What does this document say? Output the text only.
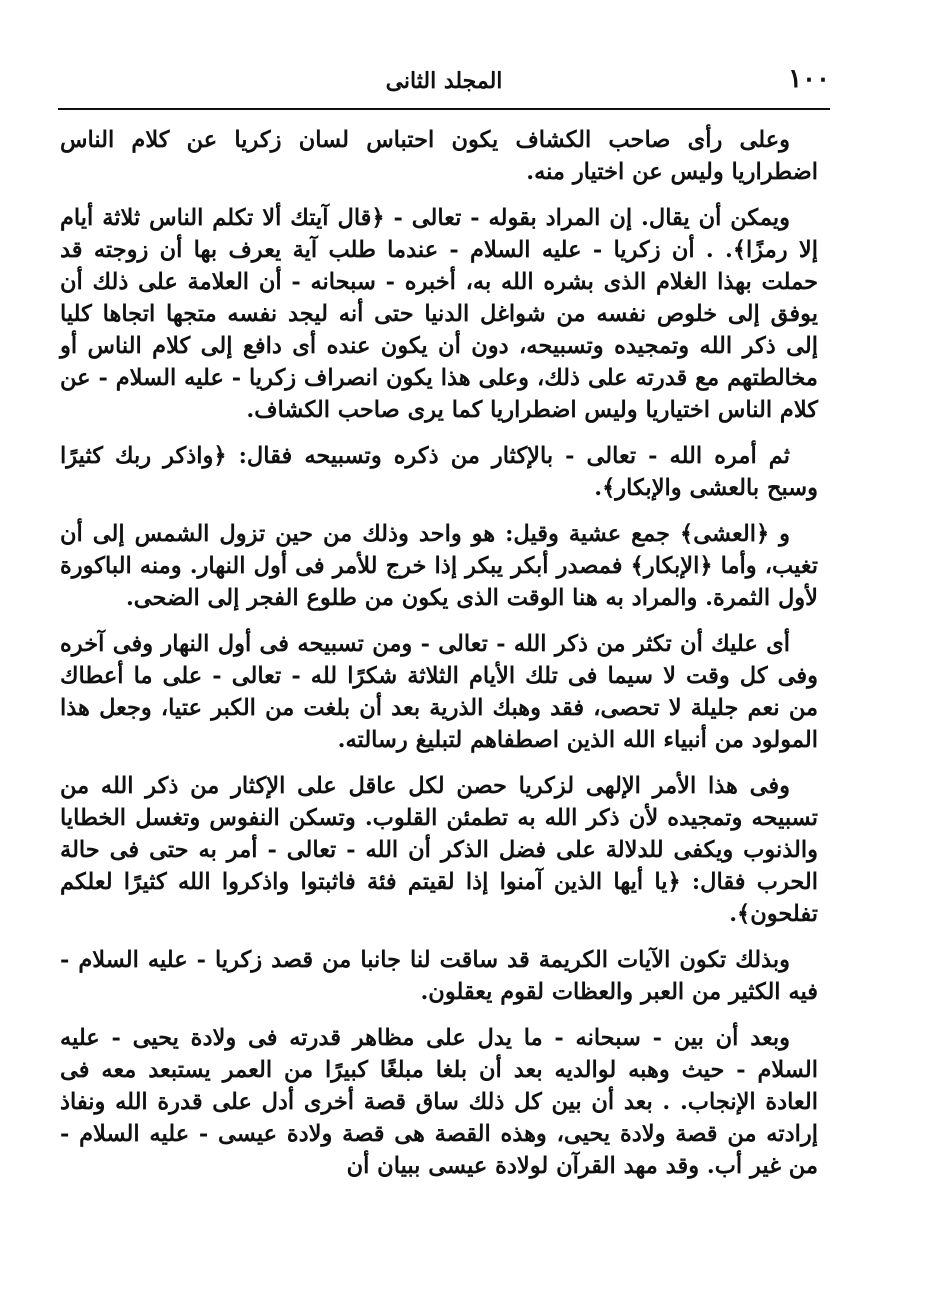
١٠٠
المجلد الثانى

وعلى رأى صاحب الكشاف يكون احتباس لسان زكريا عن كلام الناس اضطراريا وليس عن اختيار منه.

ويمكن أن يقال. إن المراد بقوله - تعالى - ﴿قال آيتك ألا تكلم الناس ثلاثة أيام إلا رمزًا﴾. . أن زكريا - عليه السلام - عندما طلب آية يعرف بها أن زوجته قد حملت بهذا الغلام الذى بشره الله به، أخبره - سبحانه - أن العلامة على ذلك أن يوفق إلى خلوص نفسه من شواغل الدنيا حتى أنه ليجد نفسه متجها اتجاها كليا إلى ذكر الله وتمجيده وتسبيحه، دون أن يكون عنده أى دافع إلى كلام الناس أو مخالطتهم مع قدرته على ذلك، وعلى هذا يكون انصراف زكريا - عليه السلام - عن كلام الناس اختياريا وليس اضطراريا كما يرى صاحب الكشاف.

ثم أمره الله - تعالى - بالإكثار من ذكره وتسبيحه فقال: ﴿واذكر ربك كثيرًا وسبح بالعشى والإبكار﴾.

و ﴿العشى﴾ جمع عشية وقيل: هو واحد وذلك من حين تزول الشمس إلى أن تغيب، وأما ﴿الإبكار﴾ فمصدر أبكر يبكر إذا خرج للأمر فى أول النهار. ومنه الباكورة لأول الثمرة. والمراد به هنا الوقت الذى يكون من طلوع الفجر إلى الضحى.

أى عليك أن تكثر من ذكر الله - تعالى - ومن تسبيحه فى أول النهار وفى آخره وفى كل وقت لا سيما فى تلك الأيام الثلاثة شكرًا لله - تعالى - على ما أعطاك من نعم جليلة لا تحصى، فقد وهبك الذرية بعد أن بلغت من الكبر عتيا، وجعل هذا المولود من أنبياء الله الذين اصطفاهم لتبليغ رسالته.

وفى هذا الأمر الإلهى لزكريا حصن لكل عاقل على الإكثار من ذكر الله من تسبيحه وتمجيده لأن ذكر الله به تطمئن القلوب. وتسكن النفوس وتغسل الخطايا والذنوب ويكفى للدلالة على فضل الذكر أن الله - تعالى - أمر به حتى فى حالة الحرب فقال: ﴿يا أيها الذين آمنوا إذا لقيتم فئة فاثبتوا واذكروا الله كثيرًا لعلكم تفلحون﴾.

وبذلك تكون الآيات الكريمة قد ساقت لنا جانبا من قصد زكريا - عليه السلام - فيه الكثير من العبر والعظات لقوم يعقلون.

وبعد أن بين - سبحانه - ما يدل على مظاهر قدرته فى ولادة يحيى - عليه السلام - حيث وهبه لوالديه بعد أن بلغا مبلغًا كبيرًا من العمر يستبعد معه فى العادة الإنجاب. . بعد أن بين كل ذلك ساق قصة أخرى أدل على قدرة الله ونفاذ إرادته من قصة ولادة يحيى، وهذه القصة هى قصة ولادة عيسى - عليه السلام - من غير أب. وقد مهد القرآن لولادة عيسى ببيان أن
